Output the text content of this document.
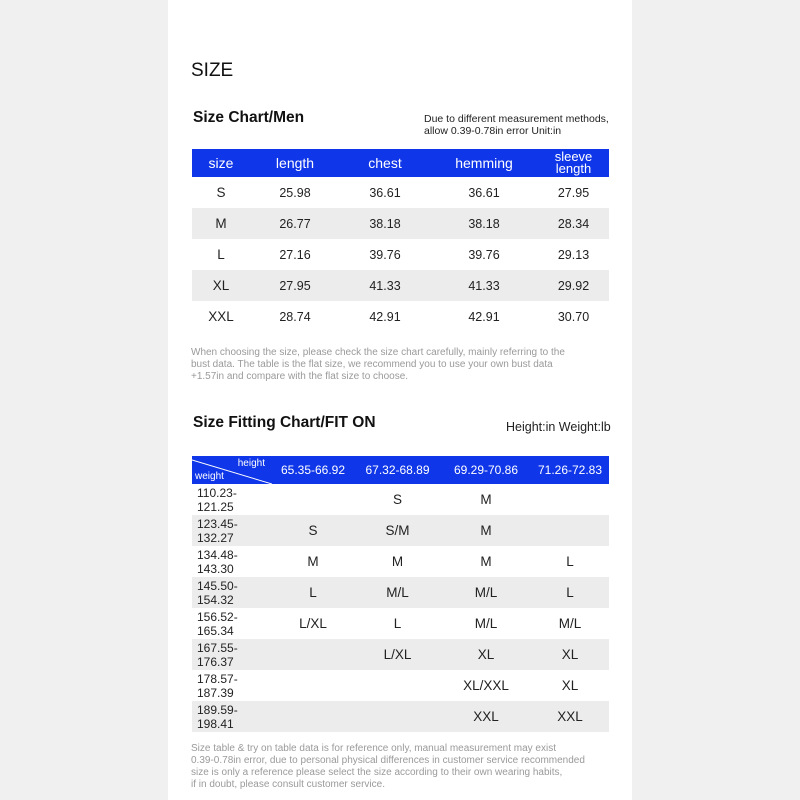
SIZE
Size Chart/Men	Due to different measurement methods,
allow 0.39-0.78in error Unit:in
size	length	chest	hemming	sleeve
length

S	25.98	36.61	36.61	27.95
M	26.77	38.18	38.18	28.34
L	27.16	39.76	39.76	29.13
XL	27.95	41.33	41.33	29.92
XXL	28.74	42.91	42.91	30.70
When choosing the size, please check the size chart carefully, mainly referring to the
bust data. The table is the flat size, we recommend you to use your own bust data
+1.57in and compare with the flat size to choose.
Size Fitting Chart/FIT ON	Height:in Weight:lb
height
weight	65.35-66.92	67.32-68.89	69.29-70.86	71.26-72.83
110.23-121.25		S	M	
123.45-132.27	S	S/M	M	
134.48-143.30	M	M	M	L
145.50-154.32	L	M/L	M/L	L
156.52-165.34	L/XL	L	M/L	M/L
167.55-176.37		L/XL	XL	XL
178.57-187.39			XL/XXL	XL
189.59-198.41			XXL	XXL
Size table & try on table data is for reference only, manual measurement may exist
0.39-0.78in error, due to personal physical differences in customer service recommended
size is only a reference please select the size according to their own wearing habits,
if in doubt, please consult customer service.
